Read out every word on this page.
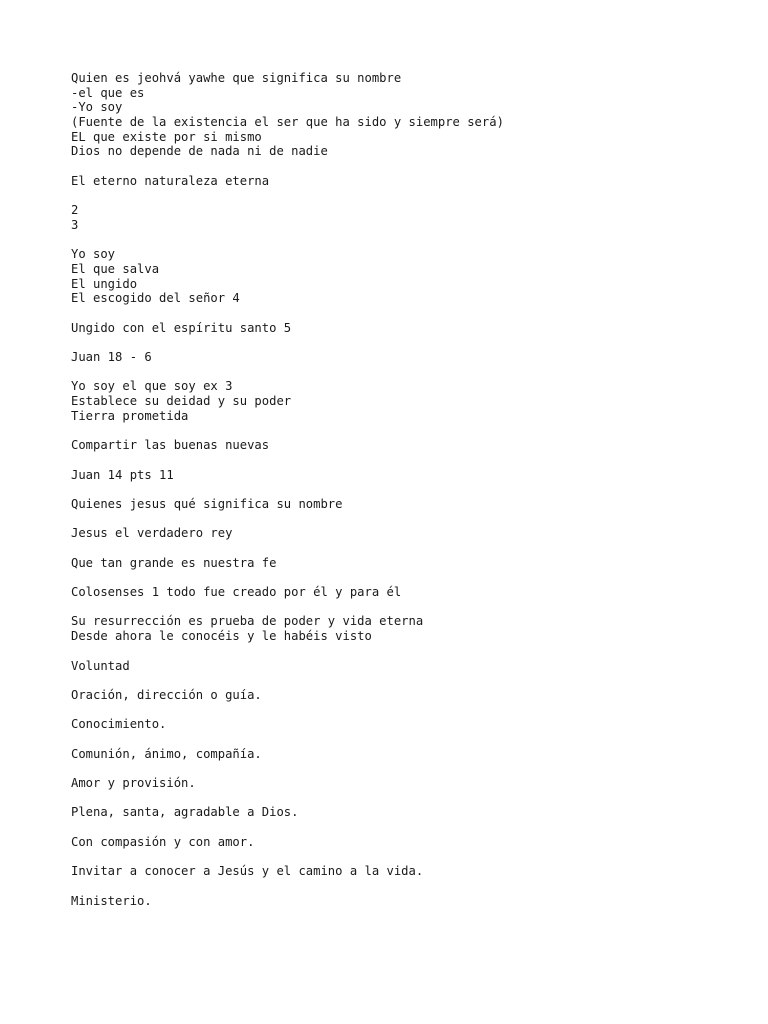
Quien es jeohvá yawhe que significa su nombre
-el que es
-Yo soy
(Fuente de la existencia el ser que ha sido y siempre será)
EL que existe por si mismo
Dios no depende de nada ni de nadie
El eterno naturaleza eterna
2
3
Yo soy
El que salva
El ungido
El escogido del señor 4
Ungido con el espíritu santo 5
Juan 18 - 6
Yo soy el que soy ex 3
Establece su deidad y su poder
Tierra prometida
Compartir las buenas nuevas
Juan 14 pts 11
Quienes jesus qué significa su nombre
Jesus el verdadero rey
Que tan grande es nuestra fe
Colosenses 1 todo fue creado por él y para él
Su resurrección es prueba de poder y vida eterna
Desde ahora le conocéis y le habéis visto
Voluntad
Oración, dirección o guía.
Conocimiento.
Comunión, ánimo, compañía.
Amor y provisión.
Plena, santa, agradable a Dios.
Con compasión y con amor.
Invitar a conocer a Jesús y el camino a la vida.
Ministerio.
